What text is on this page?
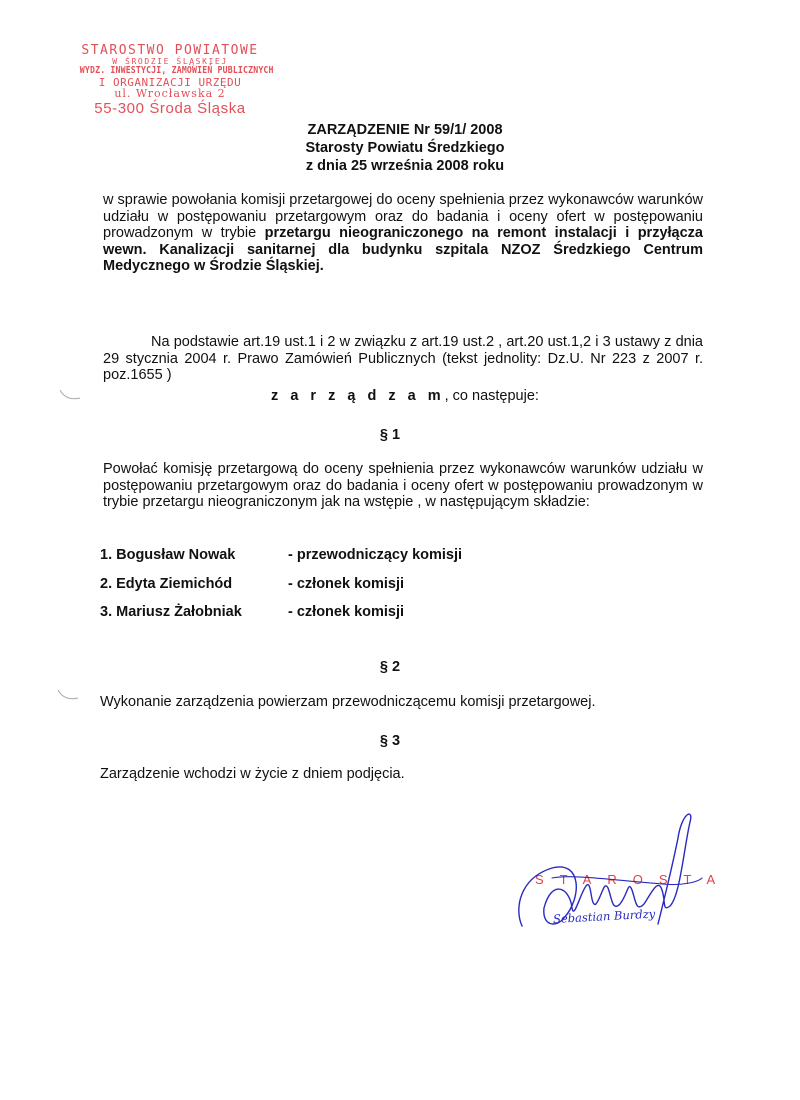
STAROSTWO POWIATOWE
W ŚRODZIE ŚLĄSKIEJ
WYDZ. INWESTYCJI, ZAMÓWIEŃ PUBLICZNYCH
I ORGANIZACJI URZĘDU
ul. Wrocławska 2
55-300 Środa Śląska
ZARZĄDZENIE Nr 59/1/ 2008
Starosty Powiatu Średzkiego
z dnia 25 września 2008 roku
w sprawie powołania komisji przetargowej do oceny spełnienia przez wykonawców warunków udziału w postępowaniu przetargowym oraz do badania i oceny ofert w postępowaniu prowadzonym w trybie przetargu nieograniczonego na remont instalacji i przyłącza wewn. Kanalizacji sanitarnej dla budynku szpitala NZOZ Średzkiego Centrum Medycznego w Środzie Śląskiej.
Na podstawie art.19 ust.1 i 2 w związku z art.19 ust.2 , art.20 ust.1,2 i 3 ustawy z dnia 29 stycznia 2004 r. Prawo Zamówień Publicznych (tekst jednolity: Dz.U. Nr 223 z 2007 r. poz.1655 )
z a r z ą d z a m, co następuje:
§ 1
Powołać komisję przetargową do oceny spełnienia przez wykonawców warunków udziału w postępowaniu przetargowym oraz do badania i oceny ofert w postępowaniu prowadzonym w trybie przetargu nieograniczonym jak na wstępie , w następującym składzie:
1. Bogusław Nowak	- przewodniczący komisji
2. Edyta Ziemichód	- członek komisji
3. Mariusz Żałobniak	- członek komisji
§ 2
Wykonanie zarządzenia powierzam przewodniczącemu komisji przetargowej.
§ 3
Zarządzenie wchodzi w życie z dniem podjęcia.
STAROSTA
Sebastian Burdzy
